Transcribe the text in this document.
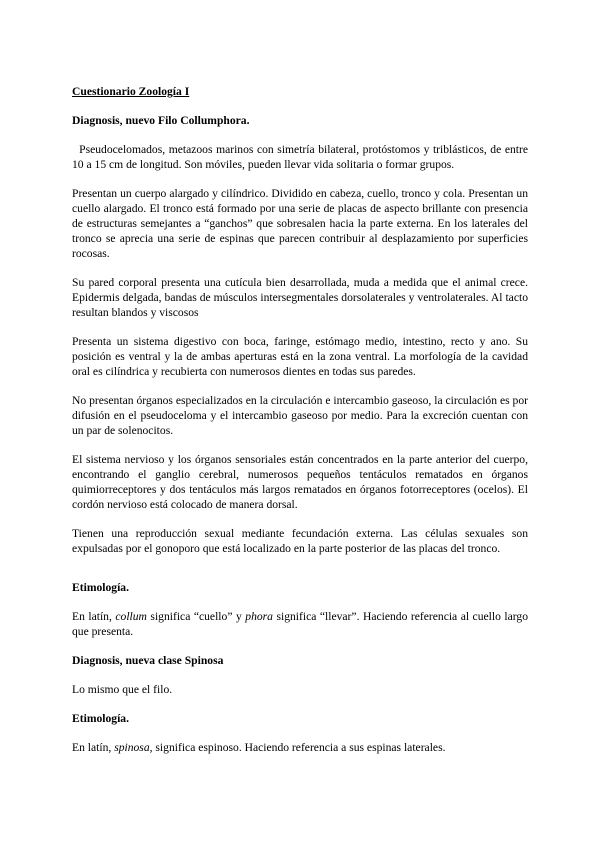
Cuestionario Zoología I
Diagnosis, nuevo Filo Collumphora.

Pseudocelomados, metazoos marinos con simetría bilateral, protóstomos y triblásticos, de entre 10 a 15 cm de longitud. Son móviles, pueden llevar vida solitaria o formar grupos.

Presentan un cuerpo alargado y cilíndrico. Dividido en cabeza, cuello, tronco y cola. Presentan un cuello alargado. El tronco está formado por una serie de placas de aspecto brillante con presencia de estructuras semejantes a “ganchos” que sobresalen hacia la parte externa. En los laterales del tronco se aprecia una serie de espinas que parecen contribuir al desplazamiento por superficies rocosas.

Su pared corporal presenta una cutícula bien desarrollada, muda a medida que el animal crece. Epidermis delgada, bandas de músculos intersegmentales dorsolaterales y ventrolaterales. Al tacto resultan blandos y viscosos

Presenta un sistema digestivo con boca, faringe, estómago medio, intestino, recto y ano. Su posición es ventral y la de ambas aperturas está en la zona ventral. La morfología de la cavidad oral es cilíndrica y recubierta con numerosos dientes en todas sus paredes.

No presentan órganos especializados en la circulación e intercambio gaseoso, la circulación es por difusión en el pseudoceloma y el intercambio gaseoso por medio. Para la excreción cuentan con un par de solenocitos.

El sistema nervioso y los órganos sensoriales están concentrados en la parte anterior del cuerpo, encontrando el ganglio cerebral, numerosos pequeños tentáculos rematados en órganos quimiorreceptores y dos tentáculos más largos rematados en órganos fotorreceptores (ocelos). El cordón nervioso está colocado de manera dorsal.

Tienen una reproducción sexual mediante fecundación externa. Las células sexuales son expulsadas por el gonoporo que está localizado en la parte posterior de las placas del tronco.

Etimología.

En latín, collum significa “cuello” y phora significa “llevar”. Haciendo referencia al cuello largo que presenta.

Diagnosis, nueva clase Spinosa

Lo mismo que el filo.

Etimología.

En latín, spinosa, significa espinoso. Haciendo referencia a sus espinas laterales.
